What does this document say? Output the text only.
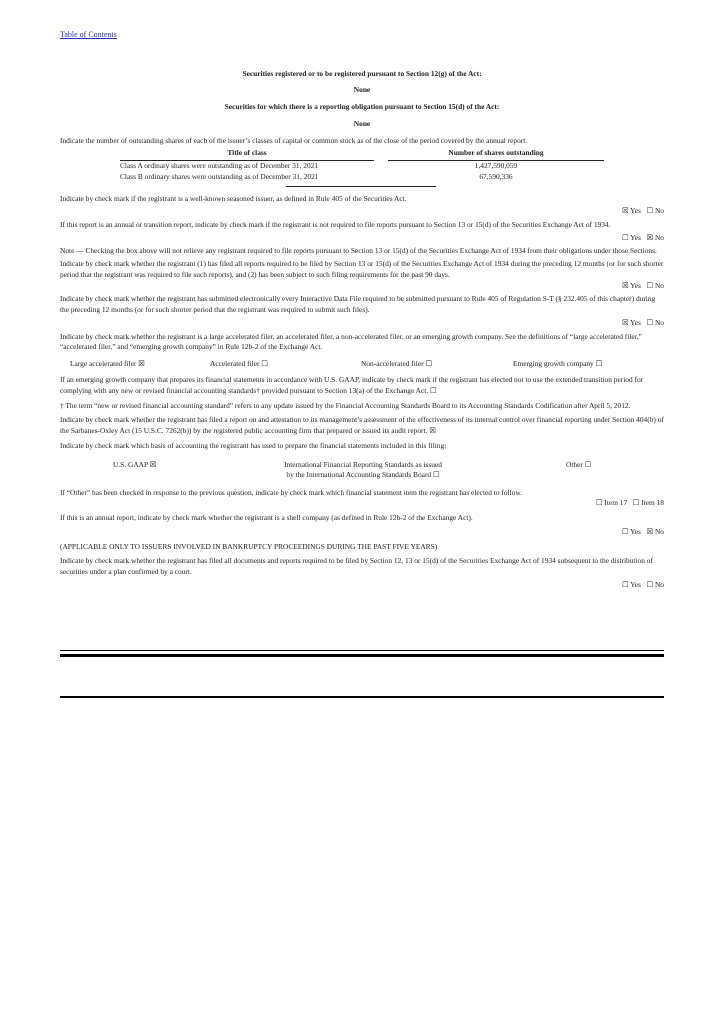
Table of Contents

Securities registered or to be registered pursuant to Section 12(g) of the Act:

None

Securities for which there is a reporting obligation pursuant to Section 15(d) of the Act:

None

Indicate the number of outstanding shares of each of the issuer’s classes of capital or common stock as of the close of the period covered by the annual report.

Title of class		Number of shares outstanding
Class A ordinary shares were outstanding as of December 31, 2021		1,427,590,059
Class B ordinary shares were outstanding as of December 31, 2021		67,590,336

Indicate by check mark if the registrant is a well-known seasoned issuer, as defined in Rule 405 of the Securities Act.

☒ Yes   ☐ No

If this report is an annual or transition report, indicate by check mark if the registrant is not required to file reports pursuant to Section 13 or 15(d) of the Securities Exchange Act of 1934.

☐ Yes   ☒ No

Note — Checking the box above will not relieve any registrant required to file reports pursuant to Section 13 or 15(d) of the Securities Exchange Act of 1934 from their obligations under those Sections.

Indicate by check mark whether the registrant (1) has filed all reports required to be filed by Section 13 or 15(d) of the Securities Exchange Act of 1934 during the preceding 12 months (or for such shorter period that the registrant was required to file such reports), and (2) has been subject to such filing requirements for the past 90 days.

☒ Yes   ☐ No

Indicate by check mark whether the registrant has submitted electronically every Interactive Data File required to be submitted pursuant to Rule 405 of Regulation S-T (§ 232.405 of this chapter) during the preceding 12 months (or for such shorter period that the registrant was required to submit such files).

☒ Yes   ☐ No

Indicate by check mark whether the registrant is a large accelerated filer, an accelerated filer, a non-accelerated filer, or an emerging growth company. See the definitions of “large accelerated filer,” “accelerated filer,” and “emerging growth company” in Rule 12b-2 of the Exchange Act.

Large accelerated filer ☒	Accelerated filer ☐	Non-accelerated filer ☐	Emerging growth company ☐

If an emerging growth company that prepares its financial statements in accordance with U.S. GAAP, indicate by check mark if the registrant has elected not to use the extended transition period for complying with any new or revised financial accounting standards† provided pursuant to Section 13(a) of the Exchange Act. ☐

† The term “new or revised financial accounting standard” refers to any update issued by the Financial Accounting Standards Board to its Accounting Standards Codification after April 5, 2012.

Indicate by check mark whether the registrant has filed a report on and attestation to its management’s assessment of the effectiveness of its internal control over financial reporting under Section 404(b) of the Sarbanes-Oxley Act (15 U.S.C. 7262(b)) by the registered public accounting firm that prepared or issued its audit report. ☒

Indicate by check mark which basis of accounting the registrant has used to prepare the financial statements included in this filing:

U.S. GAAP ☒	International Financial Reporting Standards as issued
by the International Accounting Standards Board ☐
Other ☐

If “Other” has been checked in response to the previous question, indicate by check mark which financial statement item the registrant has elected to follow.

☐ Item 17   ☐ Item 18

If this is an annual report, indicate by check mark whether the registrant is a shell company (as defined in Rule 12b-2 of the Exchange Act).

☐ Yes   ☒ No

(APPLICABLE ONLY TO ISSUERS INVOLVED IN BANKRUPTCY PROCEEDINGS DURING THE PAST FIVE YEARS)

Indicate by check mark whether the registrant has filed all documents and reports required to be filed by Section 12, 13 or 15(d) of the Securities Exchange Act of 1934 subsequent to the distribution of securities under a plan confirmed by a court.

☐ Yes   ☐ No
